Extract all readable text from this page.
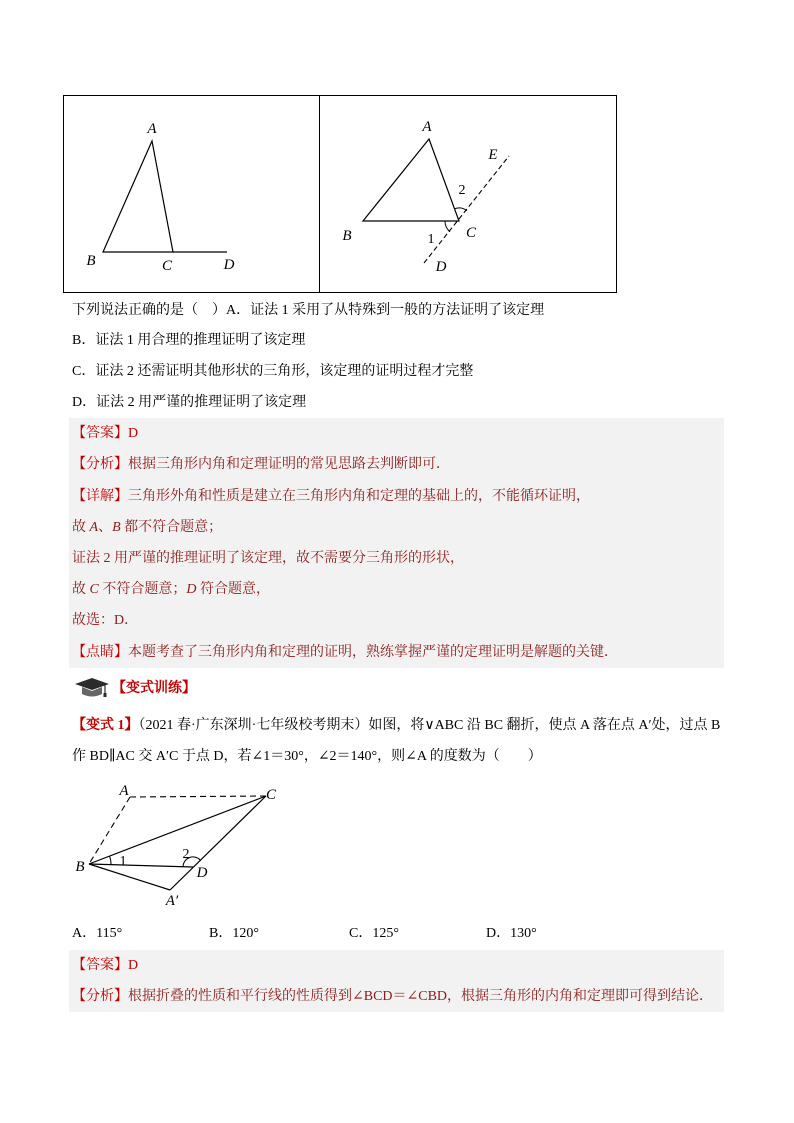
A
B	C	D
A
E
2
B	1 C
D
下列说法正确的是（　）A．证法 1 采用了从特殊到一般的方法证明了该定理
B．证法 1 用合理的推理证明了该定理
C．证法 2 还需证明其他形状的三角形，该定理的证明过程才完整
D．证法 2 用严谨的推理证明了该定理
【答案】D
【分析】根据三角形内角和定理证明的常见思路去判断即可．
【详解】三角形外角和性质是建立在三角形内角和定理的基础上的，不能循环证明，
故 A、B 都不符合题意；
证法 2 用严谨的推理证明了该定理，故不需要分三角形的形状，
故 C 不符合题意；D 符合题意，
故选：D．
【点睛】本题考查了三角形内角和定理的证明，熟练掌握严谨的定理证明是解题的关键．
【变式训练】
【变式 1】（2021 春·广东深圳·七年级校考期末）如图，将∨ABC 沿 BC 翻折，使点 A 落在点 A′处，过点 B
作 BD∥AC 交 A′C 于点 D，若∠1＝30°，∠2＝140°，则∠A 的度数为（　　）
A	C
B	D
A′
1	2
A．115°	B．120°	C．125°	D．130°
【答案】D
【分析】根据折叠的性质和平行线的性质得到∠BCD＝∠CBD，根据三角形的内角和定理即可得到结论．
